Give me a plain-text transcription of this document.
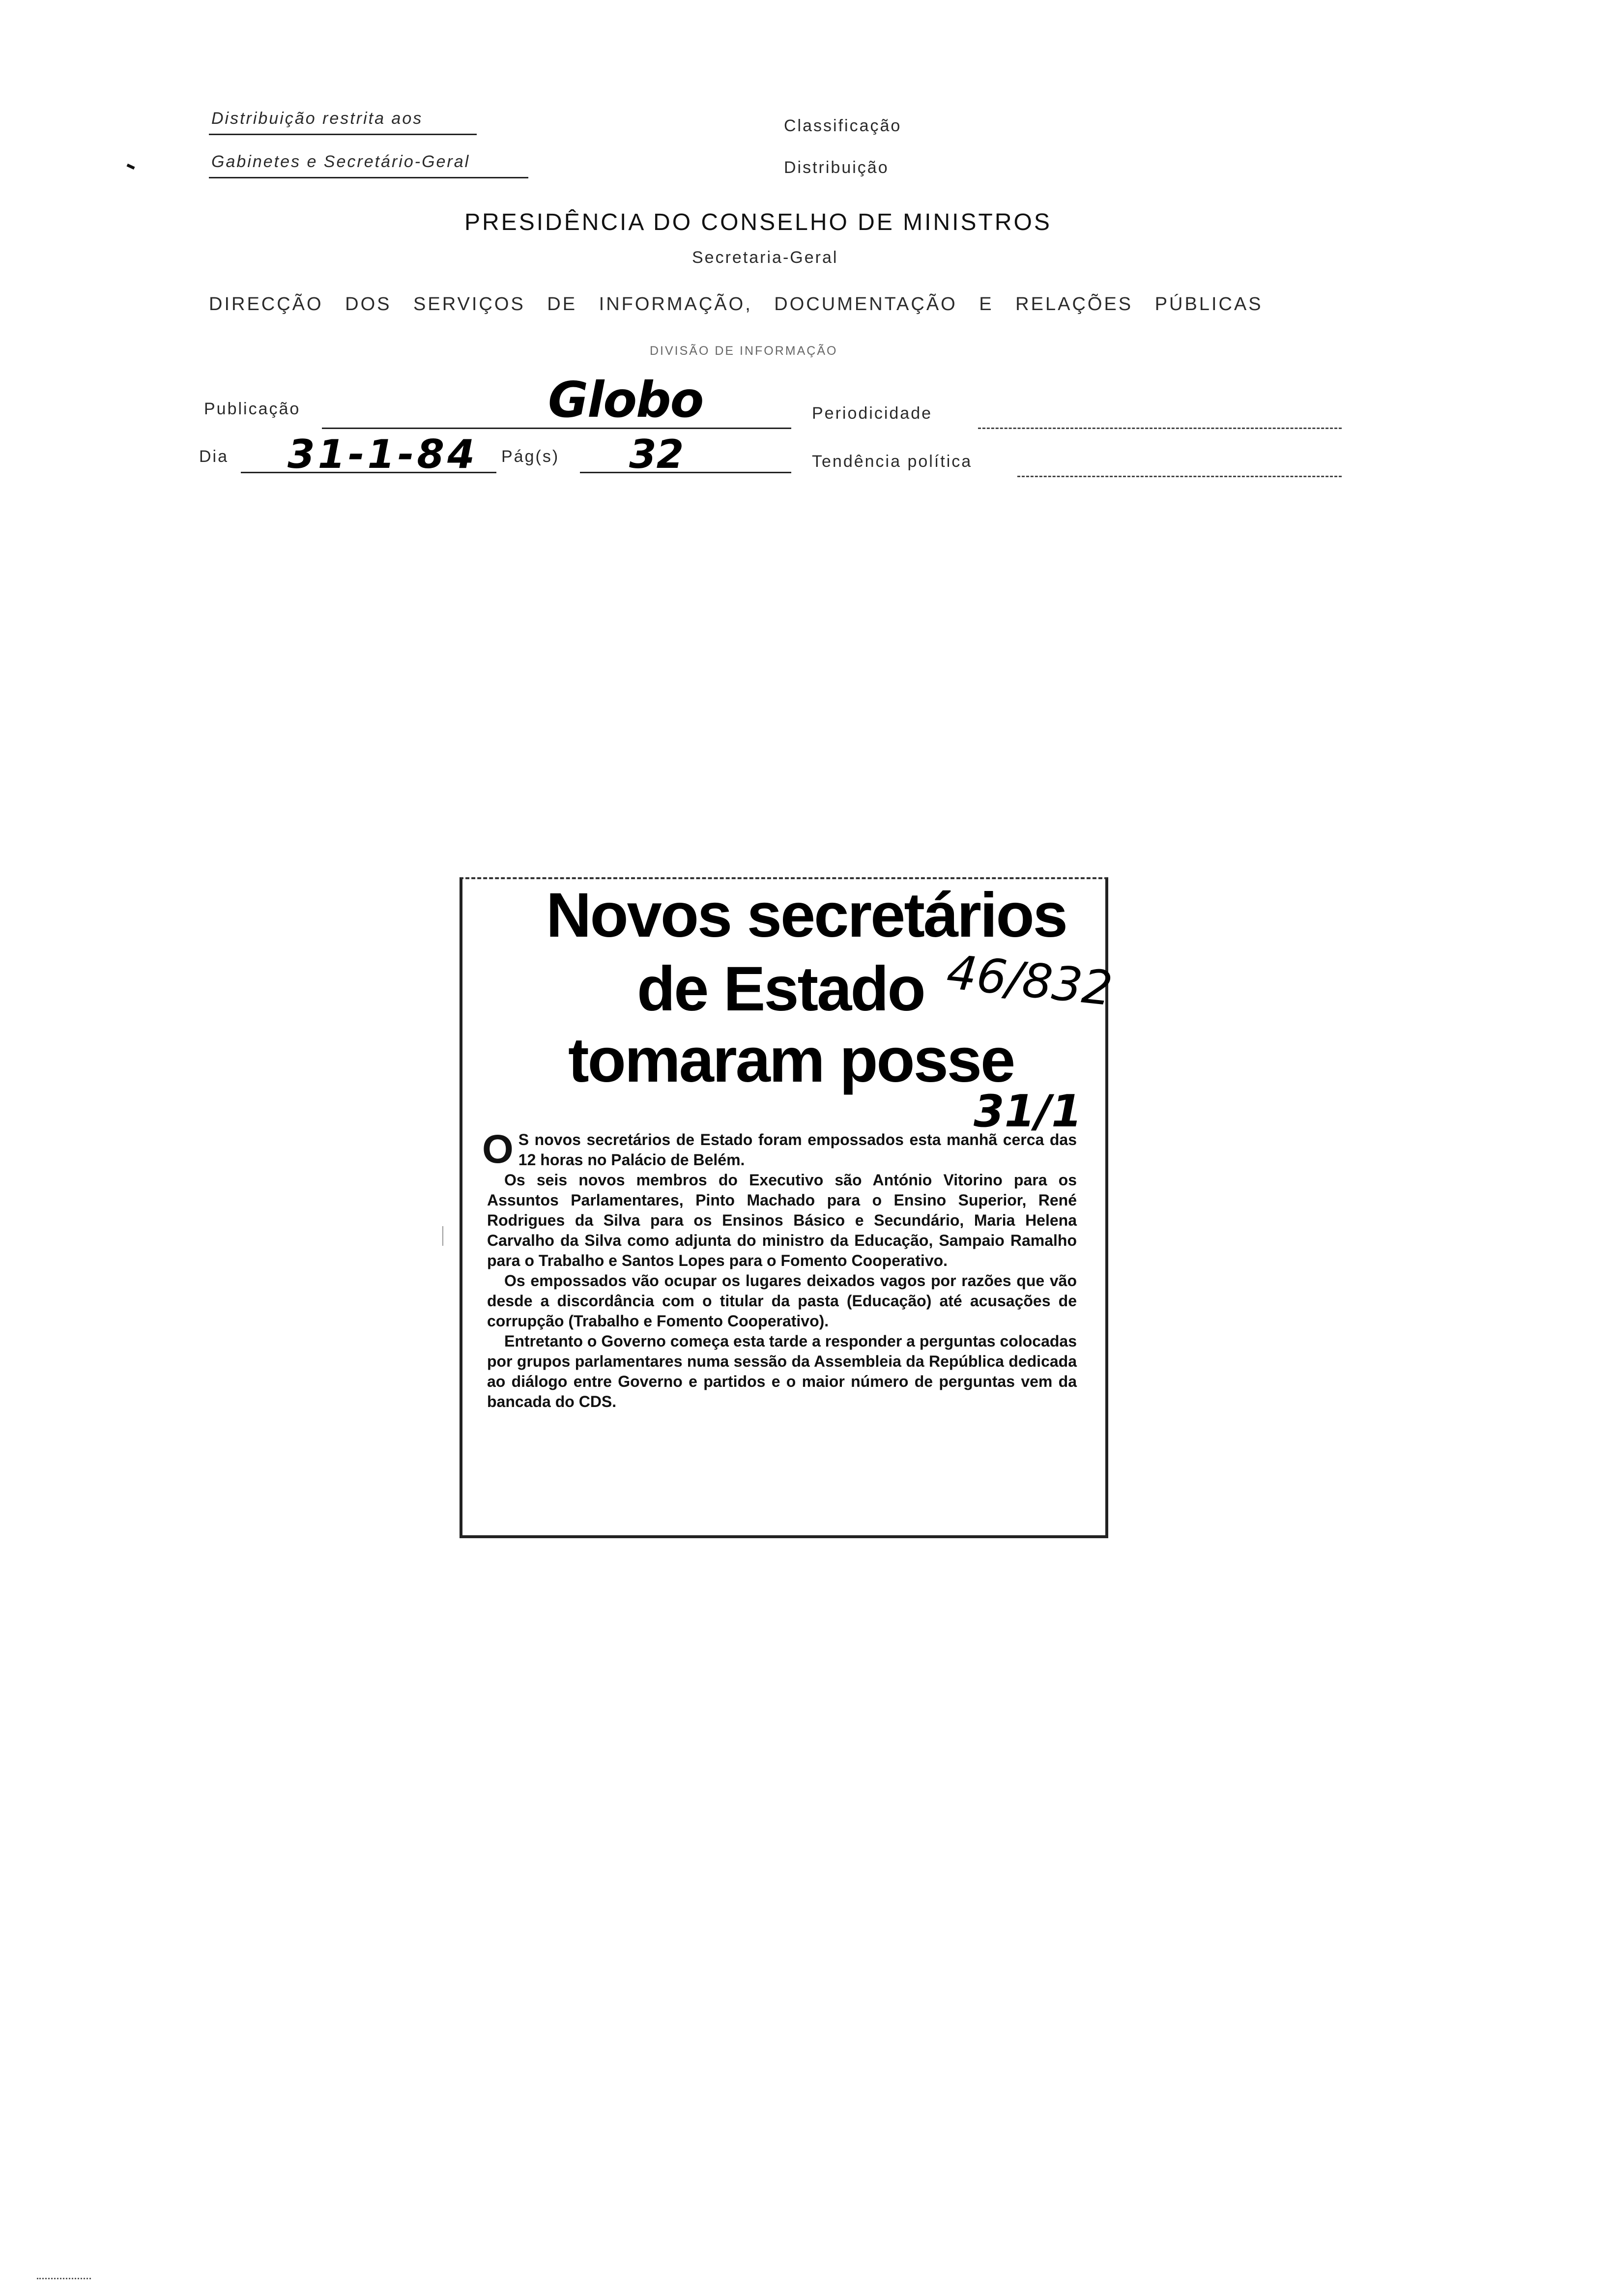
Distribuição restrita aos
Gabinetes e Secretário-Geral
Classificação
Distribuição
PRESIDÊNCIA DO CONSELHO DE MINISTROS
Secretaria-Geral
DIRECÇÃO DOS SERVIÇOS DE INFORMAÇÃO, DOCUMENTAÇÃO E RELAÇÕES PÚBLICAS
DIVISÃO DE INFORMAÇÃO
Publicação	Globo	Periodicidade
Dia 31-1-84 Pág(s) 32	Tendência política
Novos secretários
de Estado 46/832
tomaram posse
31/1

O S novos secretários de Estado foram empossados esta manhã cerca das 12 horas no Palácio de Belém.

Os seis novos membros do Executivo são António Vitorino para os Assuntos Parlamentares, Pinto Machado para o Ensino Superior, René Rodrigues da Silva para os Ensinos Básico e Secundário, Maria Helena Carvalho da Silva como adjunta do ministro da Educação, Sampaio Ramalho para o Trabalho e Santos Lopes para o Fomento Cooperativo.

Os empossados vão ocupar os lugares deixados vagos por razões que vão desde a discordância com o titular da pasta (Educação) até acusações de corrupção (Trabalho e Fomento Cooperativo).

Entretanto o Governo começa esta tarde a responder a perguntas colocadas por grupos parlamentares numa sessão da Assembleia da República dedicada ao diálogo entre Governo e partidos e o maior número de perguntas vem da bancada do CDS.
